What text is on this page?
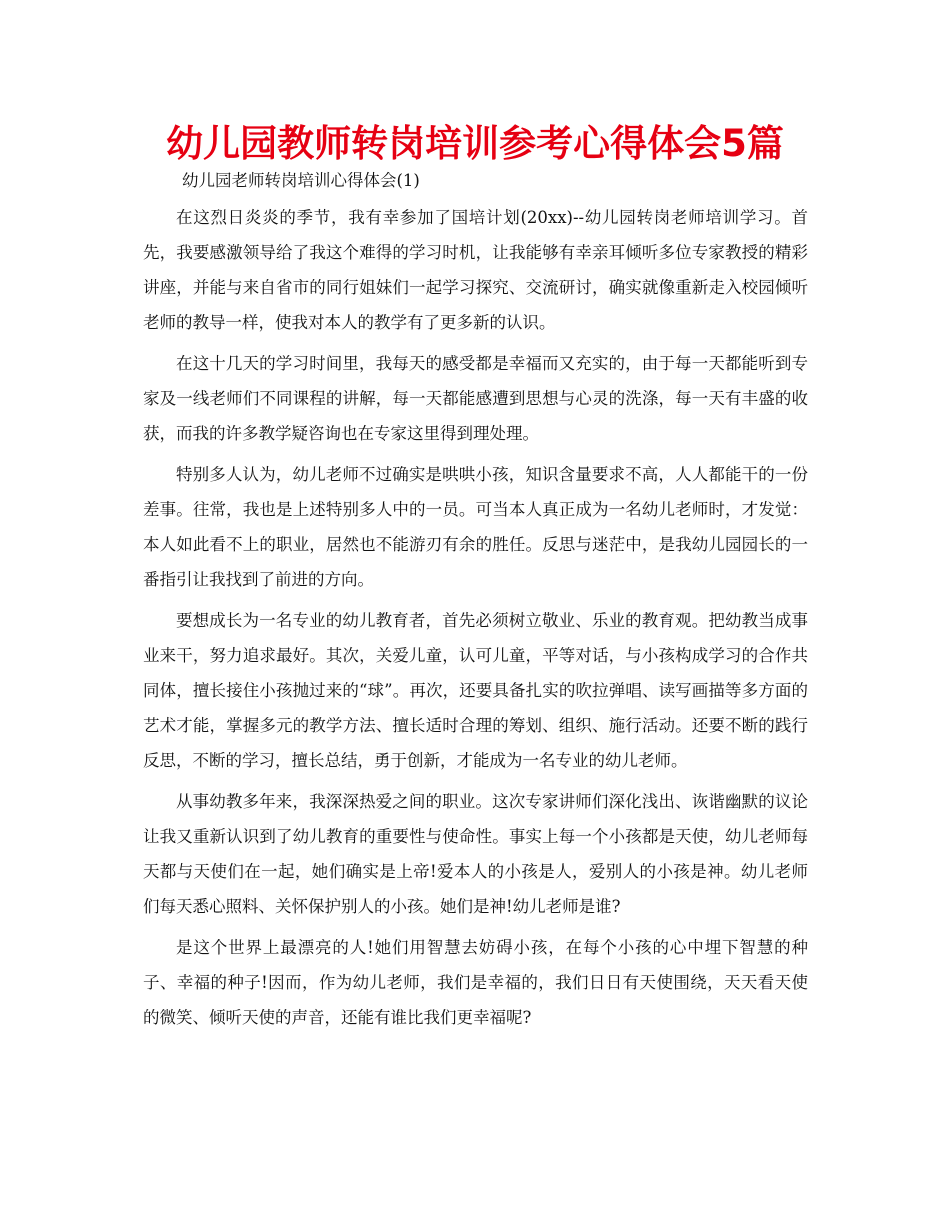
幼儿园教师转岗培训参考心得体会5篇
幼儿园老师转岗培训心得体会(1)

在这烈日炎炎的季节，我有幸参加了国培计划(20xx)--幼儿园转岗老师培训学习。首先，我要感激领导给了我这个难得的学习时机，让我能够有幸亲耳倾听多位专家教授的精彩讲座，并能与来自省市的同行姐妹们一起学习探究、交流研讨，确实就像重新走入校园倾听老师的教导一样，使我对本人的教学有了更多新的认识。

在这十几天的学习时间里，我每天的感受都是幸福而又充实的，由于每一天都能听到专家及一线老师们不同课程的讲解，每一天都能感遭到思想与心灵的洗涤，每一天有丰盛的收获，而我的许多教学疑咨询也在专家这里得到理处理。

特别多人认为，幼儿老师不过确实是哄哄小孩，知识含量要求不高，人人都能干的一份差事。往常，我也是上述特别多人中的一员。可当本人真正成为一名幼儿老师时，才发觉：本人如此看不上的职业，居然也不能游刃有余的胜任。反思与迷茫中，是我幼儿园园长的一番指引让我找到了前进的方向。

要想成长为一名专业的幼儿教育者，首先必须树立敬业、乐业的教育观。把幼教当成事业来干，努力追求最好。其次，关爱儿童，认可儿童，平等对话，与小孩构成学习的合作共同体，擅长接住小孩抛过来的“球”。再次，还要具备扎实的吹拉弹唱、读写画描等多方面的艺术才能，掌握多元的教学方法、擅长适时合理的筹划、组织、施行活动。还要不断的践行反思，不断的学习，擅长总结，勇于创新，才能成为一名专业的幼儿老师。

从事幼教多年来，我深深热爱之间的职业。这次专家讲师们深化浅出、诙谐幽默的议论让我又重新认识到了幼儿教育的重要性与使命性。事实上每一个小孩都是天使，幼儿老师每天都与天使们在一起，她们确实是上帝!爱本人的小孩是人，爱别人的小孩是神。幼儿老师们每天悉心照料、关怀保护别人的小孩。她们是神!幼儿老师是谁?

是这个世界上最漂亮的人!她们用智慧去妨碍小孩，在每个小孩的心中埋下智慧的种子、幸福的种子!因而，作为幼儿老师，我们是幸福的，我们日日有天使围绕，天天看天使的微笑、倾听天使的声音，还能有谁比我们更幸福呢?
